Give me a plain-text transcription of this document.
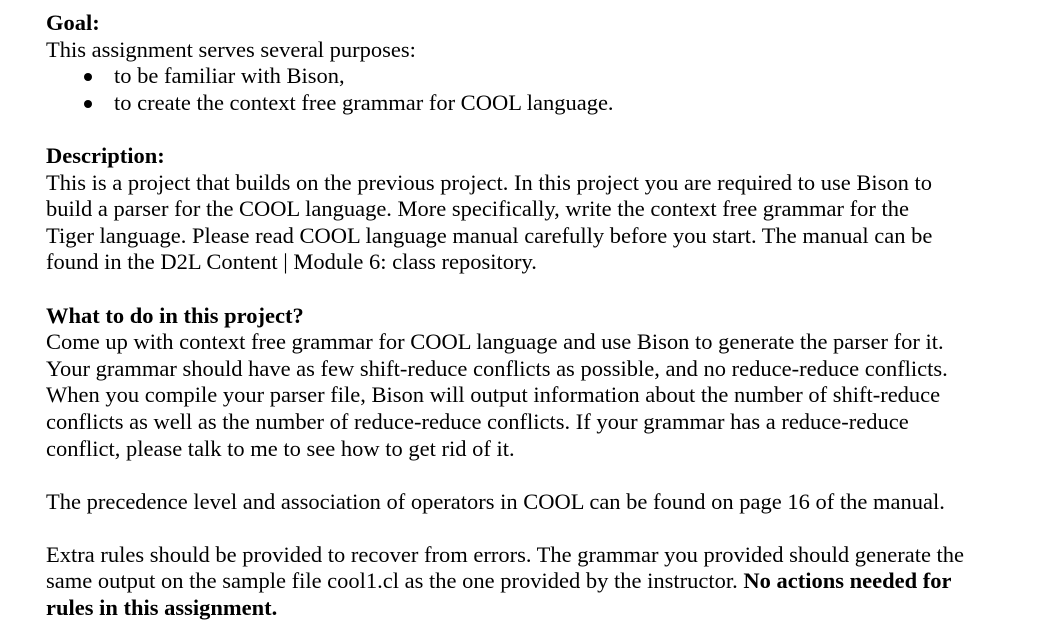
Goal:

This assignment serves several purposes:

to be familiar with Bison,
to create the context free grammar for COOL language.

Description:

This is a project that builds on the previous project. In this project you are required to use Bison to
build a parser for the COOL language. More specifically, write the context free grammar for the
Tiger language. Please read COOL language manual carefully before you start. The manual can be
found in the D2L Content | Module 6: class repository.

What to do in this project?

Come up with context free grammar for COOL language and use Bison to generate the parser for it.
Your grammar should have as few shift-reduce conflicts as possible, and no reduce-reduce conflicts.
When you compile your parser file, Bison will output information about the number of shift-reduce
conflicts as well as the number of reduce-reduce conflicts. If your grammar has a reduce-reduce
conflict, please talk to me to see how to get rid of it.
The precedence level and association of operators in COOL can be found on page 16 of the manual.
Extra rules should be provided to recover from errors. The grammar you provided should generate the
same output on the sample file cool1.cl as the one provided by the instructor. No actions needed for
rules in this assignment.
